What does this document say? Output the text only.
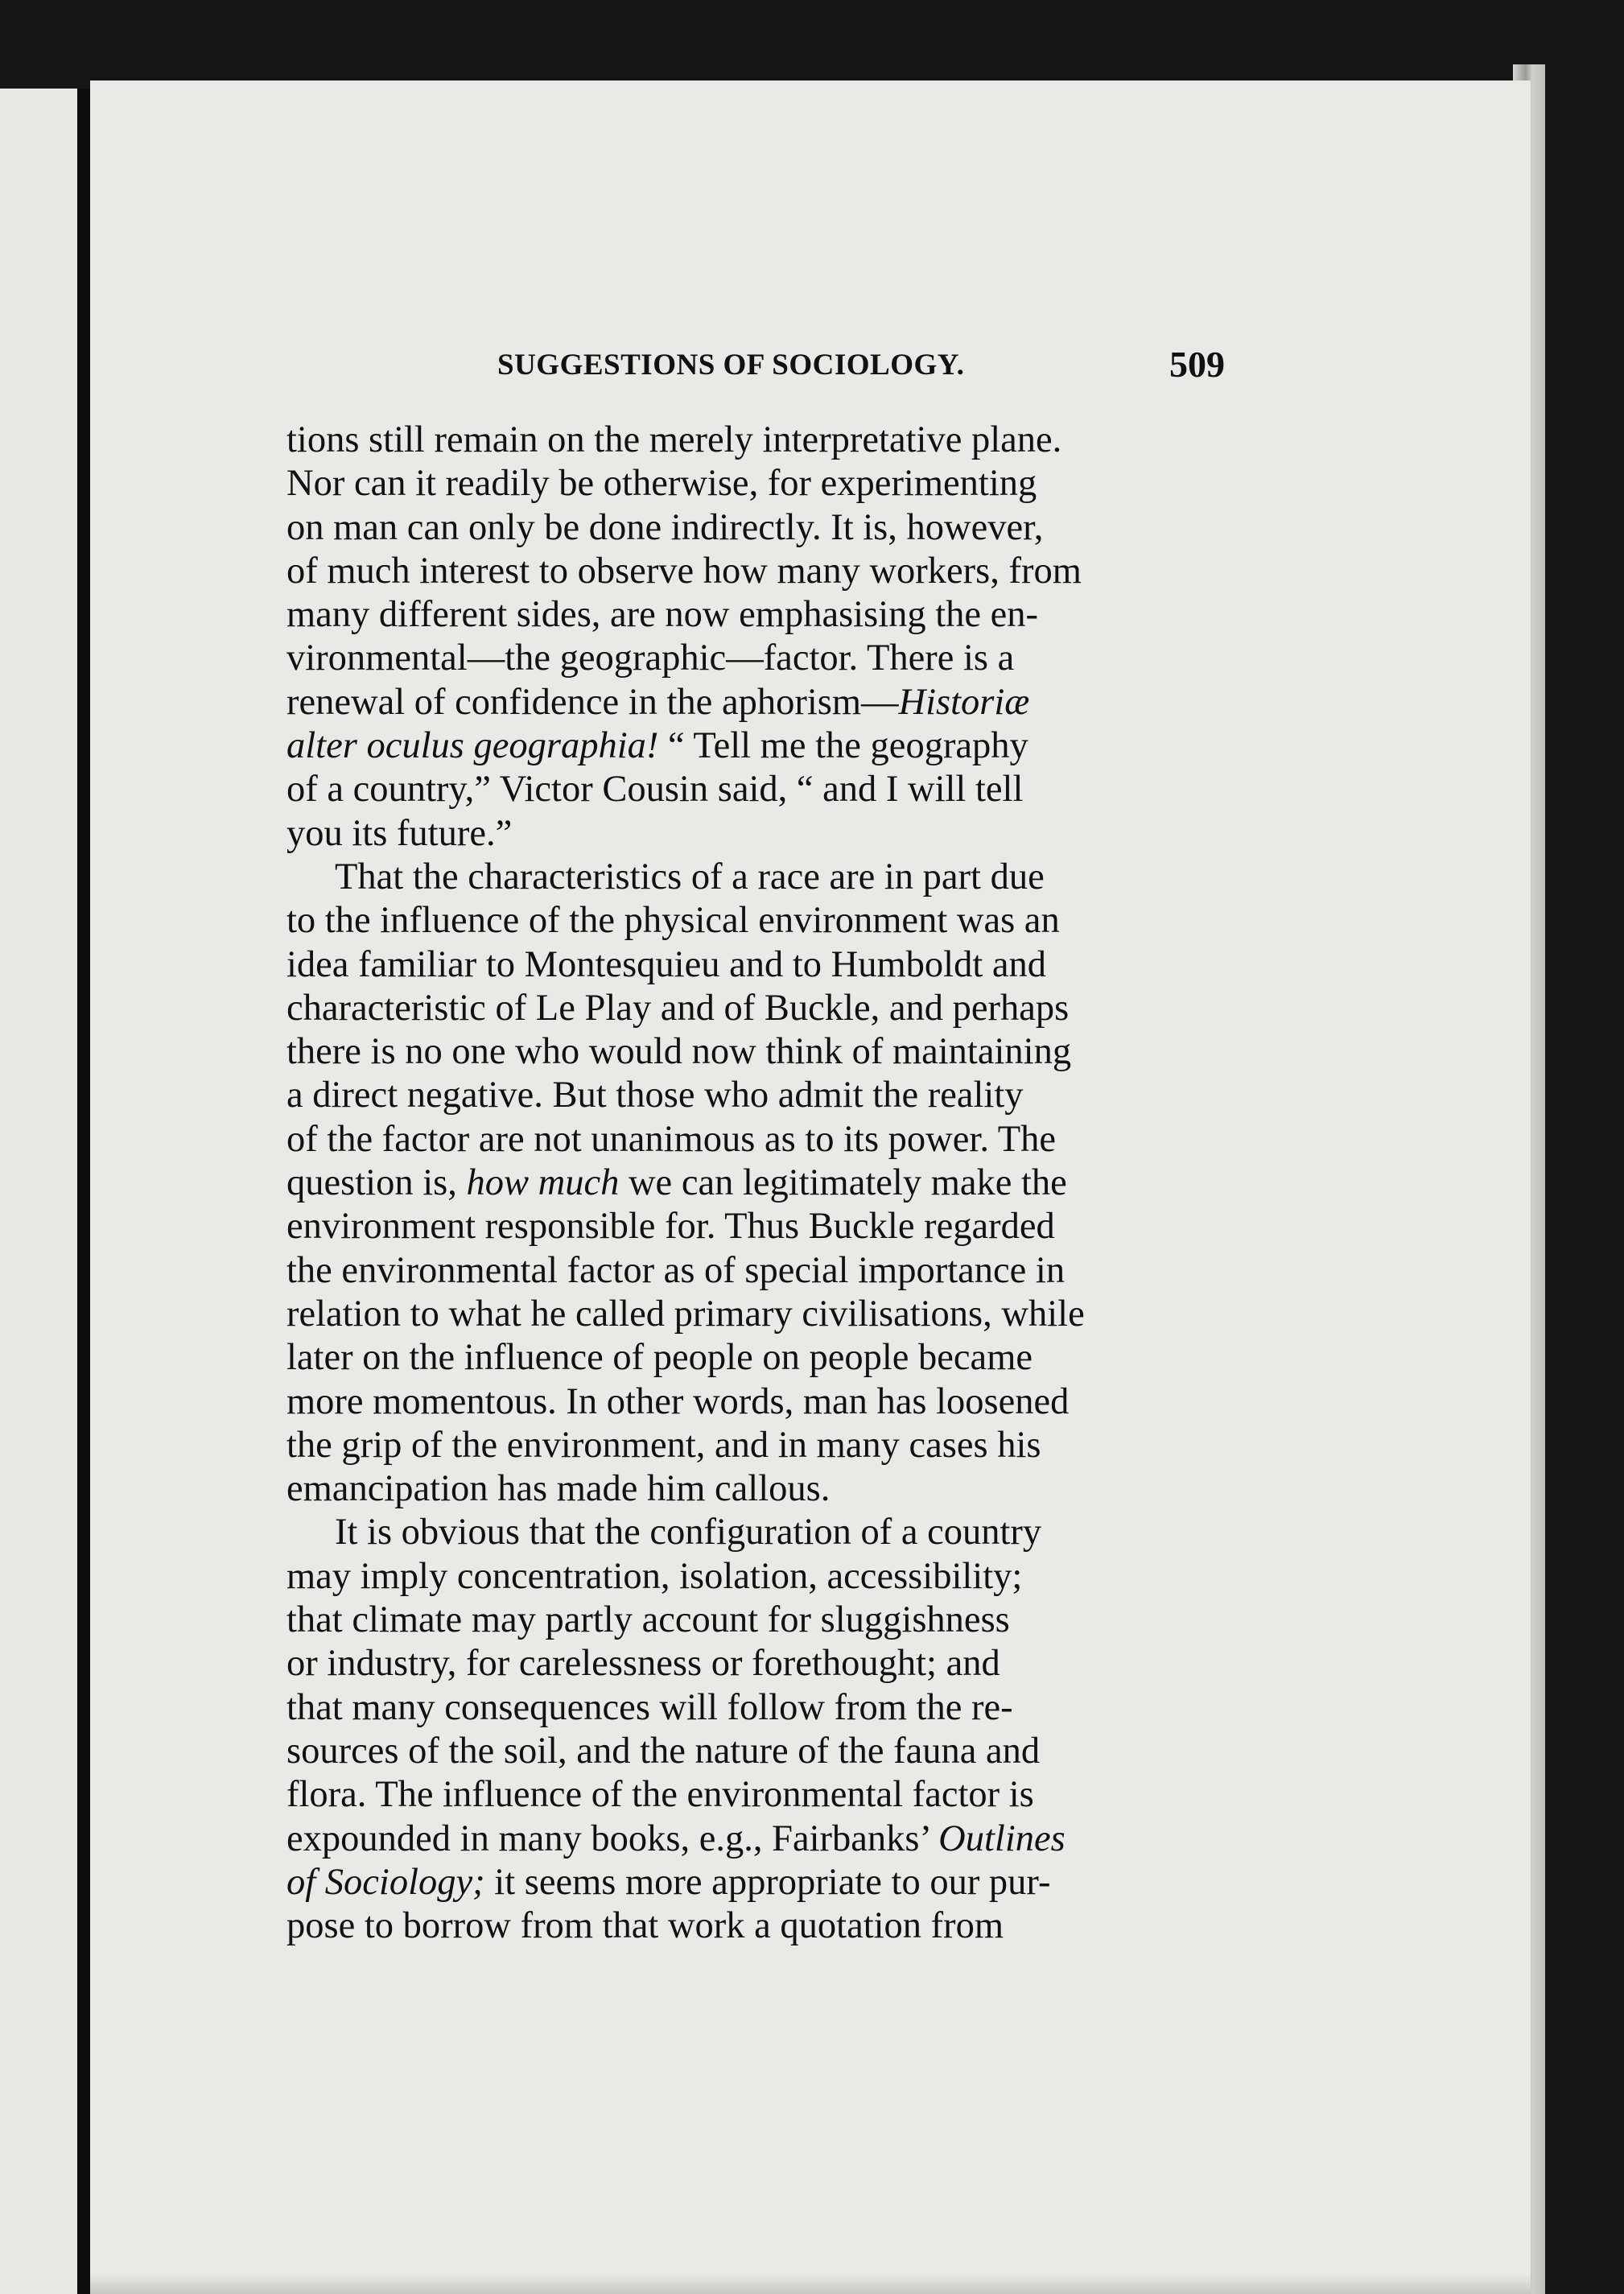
SUGGESTIONS OF SOCIOLOGY.	509
tions still remain on the merely interpretative plane.
Nor can it readily be otherwise, for experimenting
on man can only be done indirectly. It is, however,
of much interest to observe how many workers, from
many different sides, are now emphasising the en-
vironmental—the geographic—factor. There is a
renewal of confidence in the aphorism—Historiæ
alter oculus geographia! “ Tell me the geography
of a country,” Victor Cousin said, “ and I will tell
you its future.”
That the characteristics of a race are in part due
to the influence of the physical environment was an
idea familiar to Montesquieu and to Humboldt and
characteristic of Le Play and of Buckle, and perhaps
there is no one who would now think of maintaining
a direct negative. But those who admit the reality
of the factor are not unanimous as to its power. The
question is, how much we can legitimately make the
environment responsible for. Thus Buckle regarded
the environmental factor as of special importance in
relation to what he called primary civilisations, while
later on the influence of people on people became
more momentous. In other words, man has loosened
the grip of the environment, and in many cases his
emancipation has made him callous.
It is obvious that the configuration of a country
may imply concentration, isolation, accessibility;
that climate may partly account for sluggishness
or industry, for carelessness or forethought; and
that many consequences will follow from the re-
sources of the soil, and the nature of the fauna and
flora. The influence of the environmental factor is
expounded in many books, e.g., Fairbanks’ Outlines
of Sociology; it seems more appropriate to our pur-
pose to borrow from that work a quotation from
